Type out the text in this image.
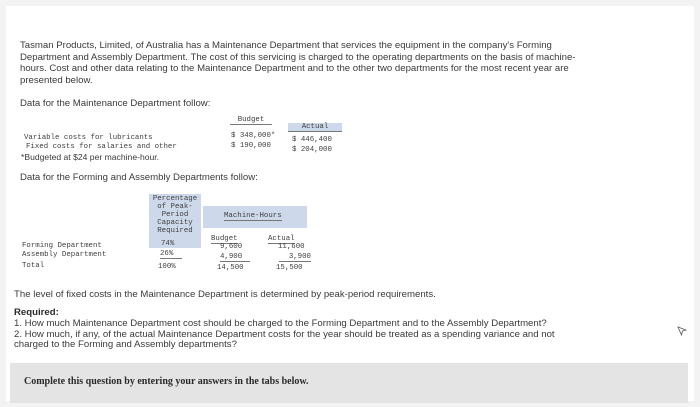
Tasman Products, Limited, of Australia has a Maintenance Department that services the equipment in the company's Forming
Department and Assembly Department. The cost of this servicing is charged to the operating departments on the basis of machine-
hours. Cost and other data relating to the Maintenance Department and to the other two departments for the most recent year are
presented below.
Data for the Maintenance Department follow:
Budget
Actual
Variable costs for lubricants	$ 348,000* $ 446,400
Fixed costs for salaries and other	$ 190,000	$ 204,000
*Budgeted at $24 per machine-hour.
Data for the Forming and Assembly Departments follow:
Percentage
of Peak-
Period
Capacity
Required
Machine-Hours
Budget	Actual
Forming Department	74%	9,600	11,600
Assembly Department	26%	4,900	3,900
Total	100%	14,500	15,500
The level of fixed costs in the Maintenance Department is determined by peak-period requirements.
Required:
1. How much Maintenance Department cost should be charged to the Forming Department and to the Assembly Department?
2. How much, if any, of the actual Maintenance Department costs for the year should be treated as a spending variance and not
charged to the Forming and Assembly departments?
Complete this question by entering your answers in the tabs below.
